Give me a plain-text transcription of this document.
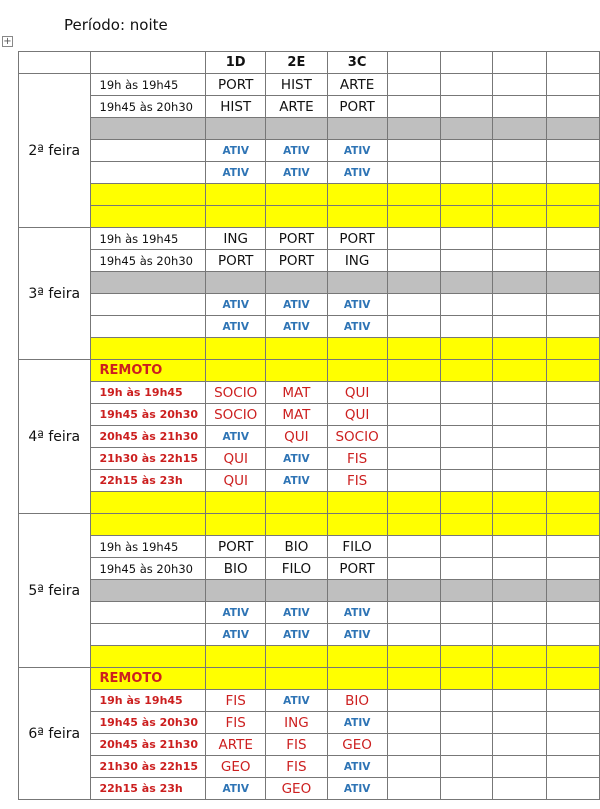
Período: noite
+
		1D	2E	3C				
2ª feira	19h às 19h45	PORT	HIST	ARTE				
	19h45 às 20h30	HIST	ARTE	PORT				

		ATIV	ATIV	ATIV				
		ATIV	ATIV	ATIV				

3ª feira	19h às 19h45	ING	PORT	PORT				
	19h45 às 20h30	PORT	PORT	ING				

		ATIV	ATIV	ATIV				
		ATIV	ATIV	ATIV				

4ª feira	REMOTO							
	19h às 19h45	SOCIO	MAT	QUI				
	19h45 às 20h30	SOCIO	MAT	QUI				
	20h45 às 21h30	ATIV	QUI	SOCIO				
	21h30 às 22h15	QUI	ATIV	FIS				
	22h15 às 23h	QUI	ATIV	FIS				

5ª feira								
	19h às 19h45	PORT	BIO	FILO				
	19h45 às 20h30	BIO	FILO	PORT				

		ATIV	ATIV	ATIV				
		ATIV	ATIV	ATIV				

6ª feira	REMOTO							
	19h às 19h45	FIS	ATIV	BIO				
	19h45 às 20h30	FIS	ING	ATIV				
	20h45 às 21h30	ARTE	FIS	GEO				
	21h30 às 22h15	GEO	FIS	ATIV				
	22h15 às 23h	ATIV	GEO	ATIV				
